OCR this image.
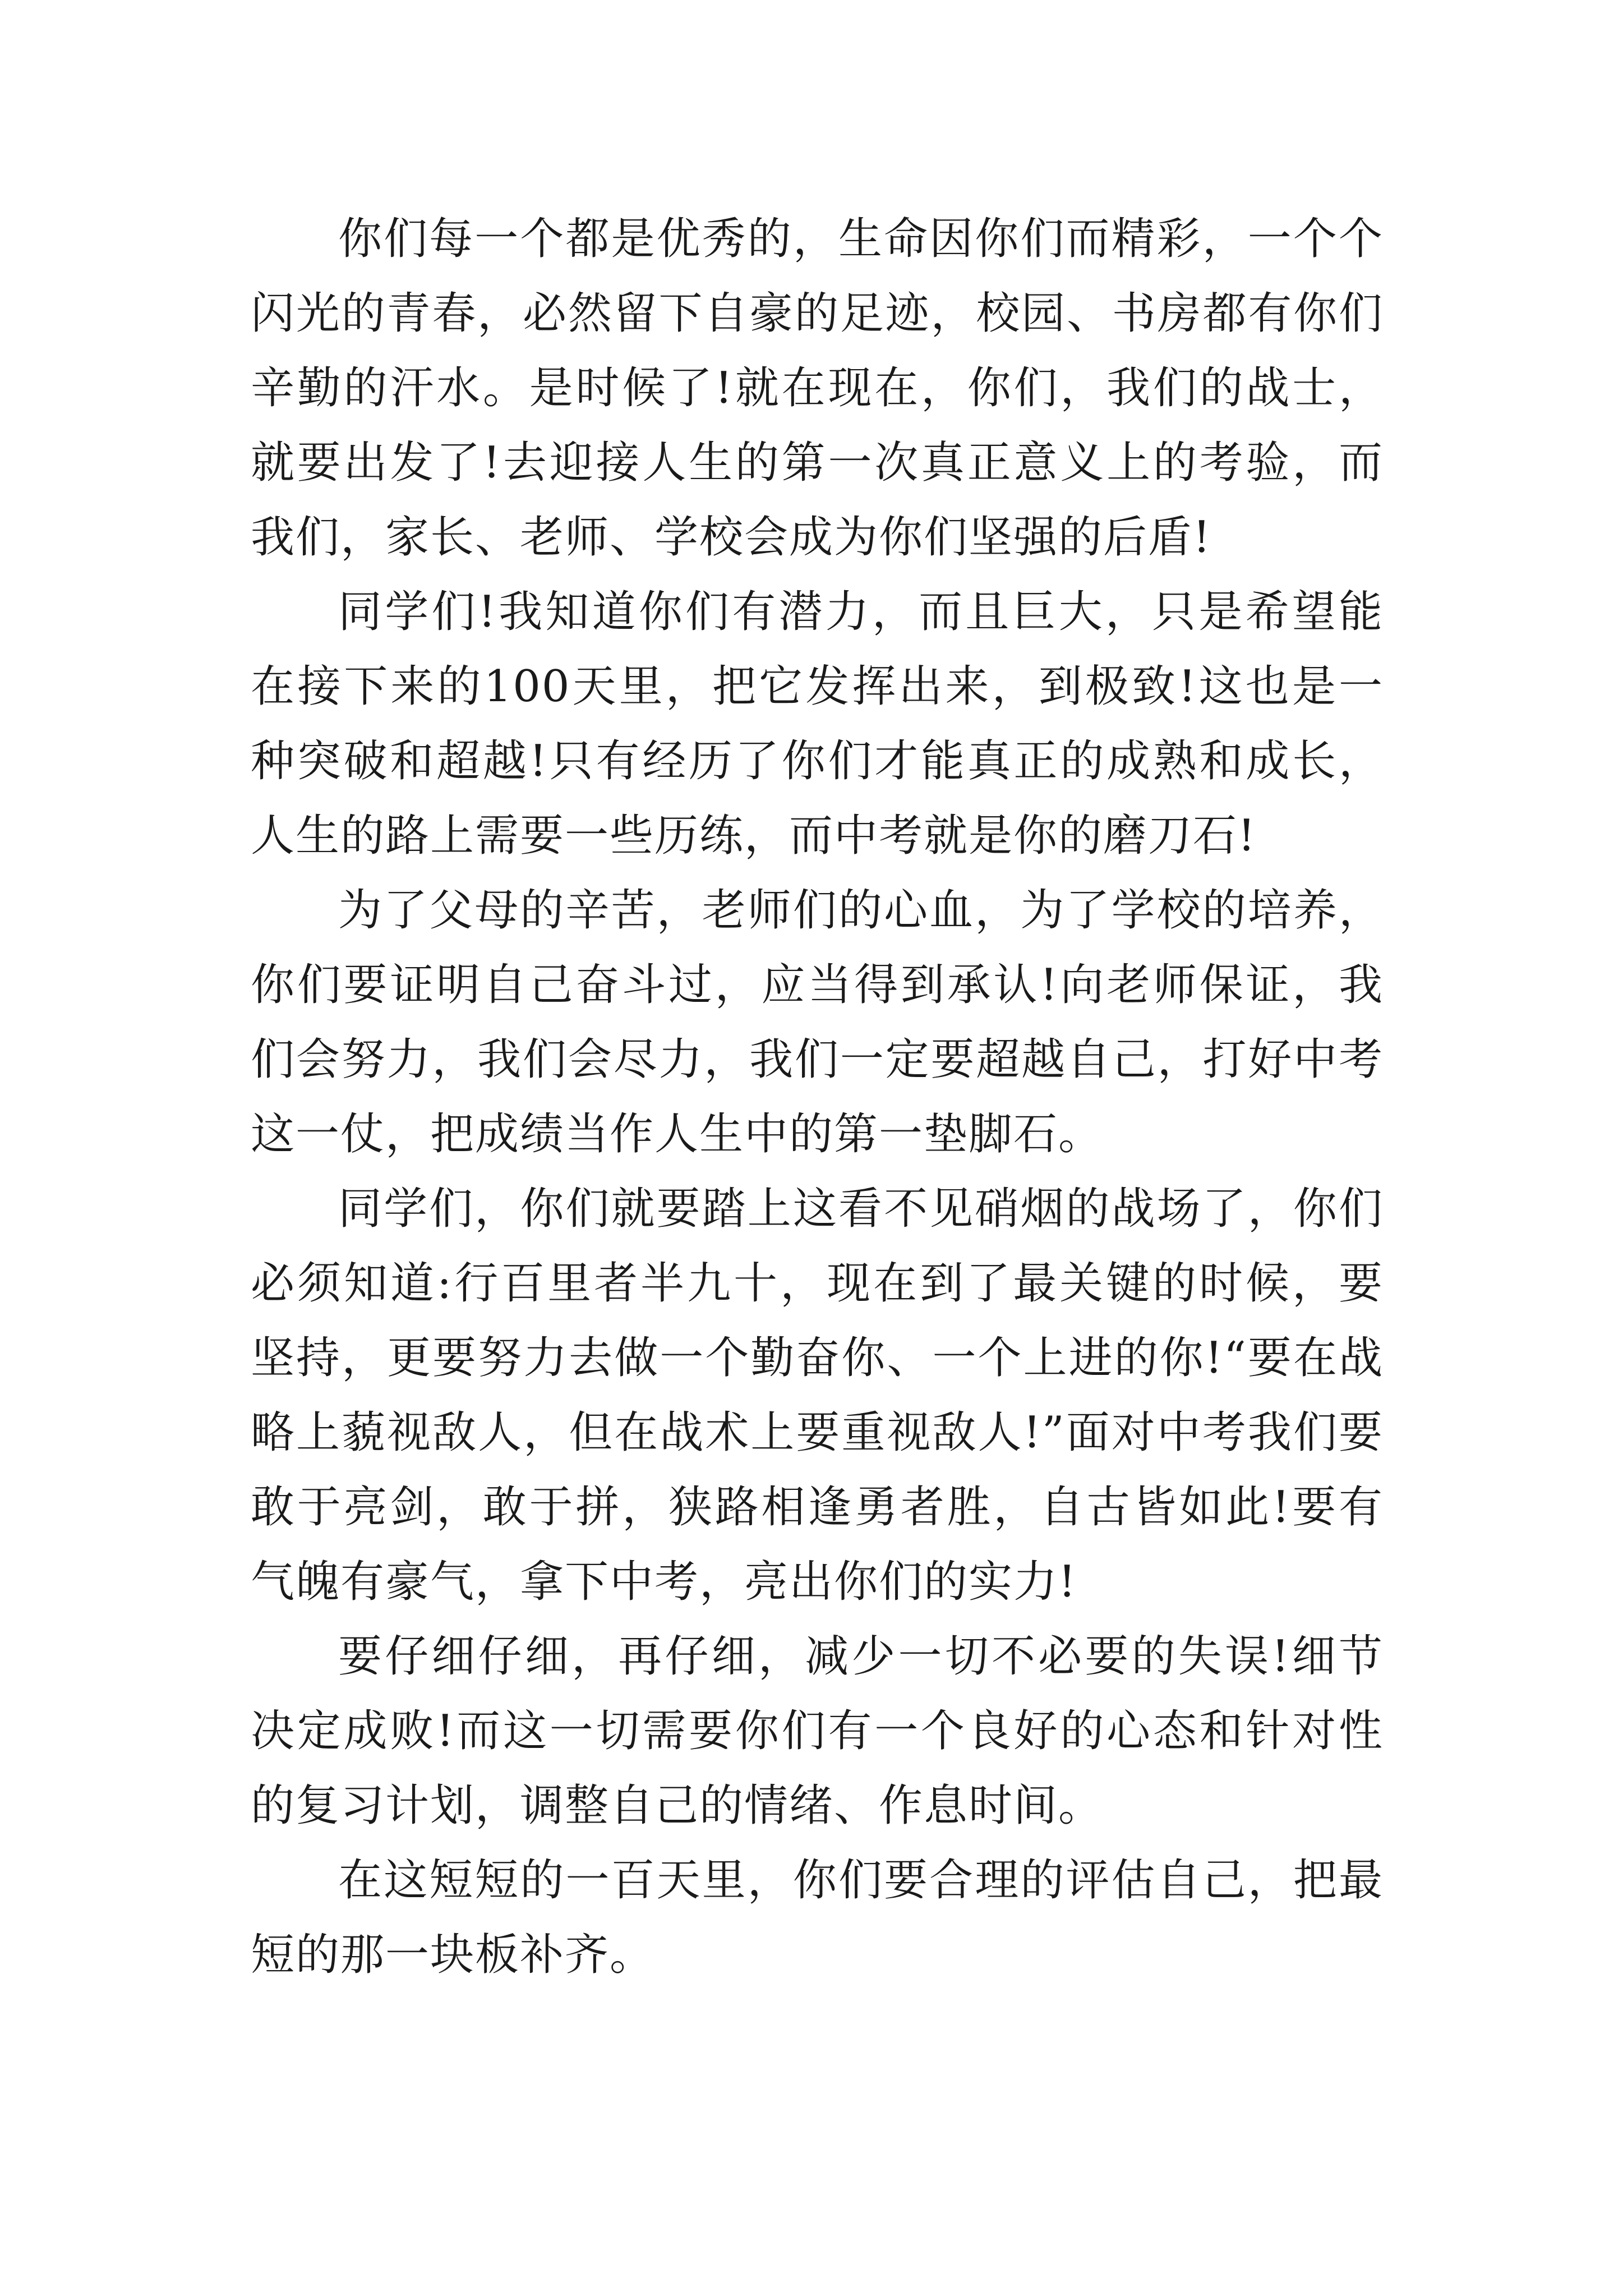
你们每一个都是优秀的，生命因你们而精彩，一个个闪光的青春，必然留下自豪的足迹，校园、书房都有你们辛勤的汗水。是时候了!就在现在，你们，我们的战士，就要出发了!去迎接人生的第一次真正意义上的考验，而我们，家长、老师、学校会成为你们坚强的后盾!

同学们!我知道你们有潜力，而且巨大，只是希望能在接下来的100天里，把它发挥出来，到极致!这也是一种突破和超越!只有经历了你们才能真正的成熟和成长，人生的路上需要一些历练，而中考就是你的磨刀石!

为了父母的辛苦，老师们的心血，为了学校的培养，你们要证明自己奋斗过，应当得到承认!向老师保证，我们会努力，我们会尽力，我们一定要超越自己，打好中考这一仗，把成绩当作人生中的第一垫脚石。

同学们，你们就要踏上这看不见硝烟的战场了，你们必须知道:行百里者半九十，现在到了最关键的时候，要坚持，更要努力去做一个勤奋你、一个上进的你!“要在战略上藐视敌人，但在战术上要重视敌人!”面对中考我们要敢于亮剑，敢于拼，狭路相逢勇者胜，自古皆如此!要有气魄有豪气，拿下中考，亮出你们的实力!

要仔细仔细，再仔细，减少一切不必要的失误!细节决定成败!而这一切需要你们有一个良好的心态和针对性的复习计划，调整自己的情绪、作息时间。

在这短短的一百天里，你们要合理的评估自己，把最短的那一块板补齐。
